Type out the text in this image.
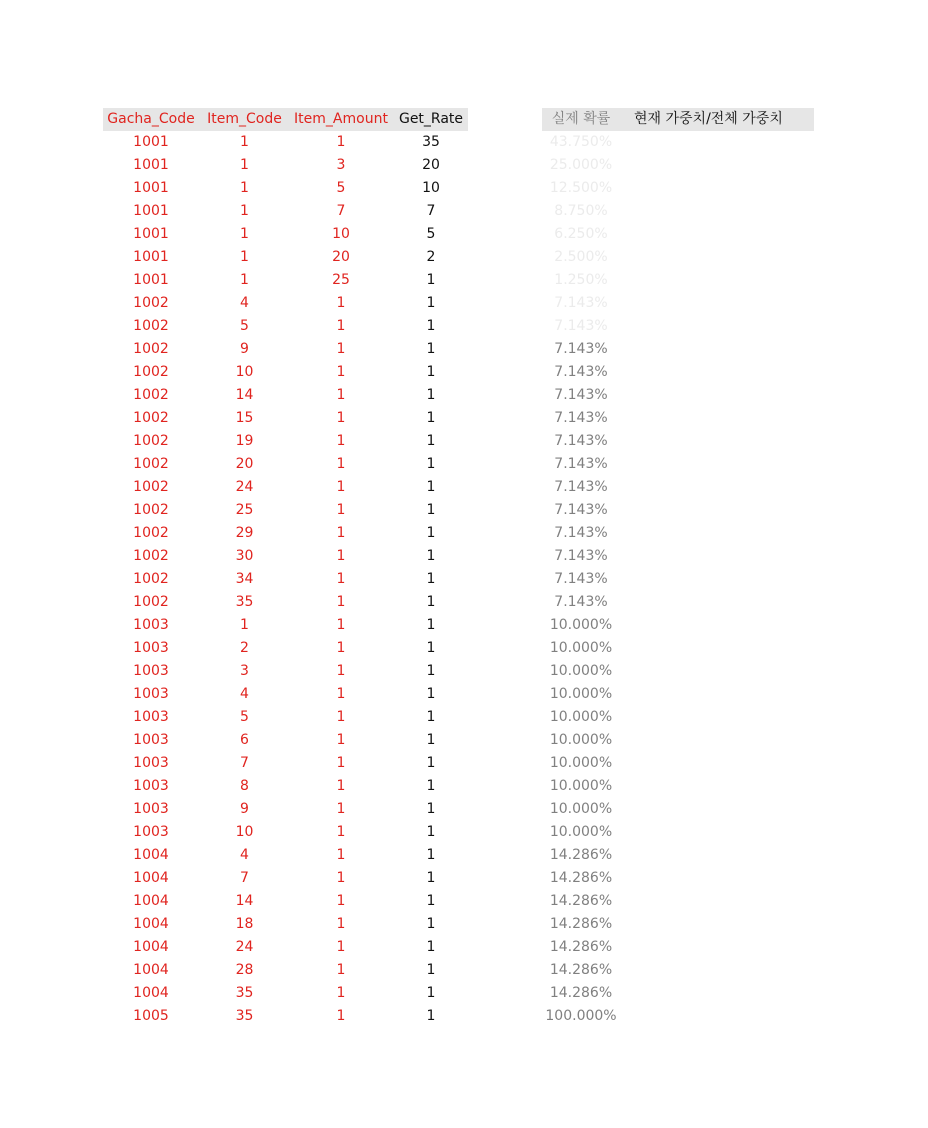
Gacha_Code Item_Code Item_Amount Get_Rate	실제 확률	현재 가중치/전체 가중치
1001	1	1	35	43.750%
1001	1	3	20	25.000%
1001	1	5	10	12.500%
1001	1	7	7	8.750%
1001	1	10	5	6.250%
1001	1	20	2	2.500%
1001	1	25	1	1.250%
1002	4	1	1	7.143%
1002	5	1	1	7.143%
1002	9	1	1	7.143%
1002	10	1	1	7.143%
1002	14	1	1	7.143%
1002	15	1	1	7.143%
1002	19	1	1	7.143%
1002	20	1	1	7.143%
1002	24	1	1	7.143%
1002	25	1	1	7.143%
1002	29	1	1	7.143%
1002	30	1	1	7.143%
1002	34	1	1	7.143%
1002	35	1	1	7.143%
1003	1	1	1	10.000%
1003	2	1	1	10.000%
1003	3	1	1	10.000%
1003	4	1	1	10.000%
1003	5	1	1	10.000%
1003	6	1	1	10.000%
1003	7	1	1	10.000%
1003	8	1	1	10.000%
1003	9	1	1	10.000%
1003	10	1	1	10.000%
1004	4	1	1	14.286%
1004	7	1	1	14.286%
1004	14	1	1	14.286%
1004	18	1	1	14.286%
1004	24	1	1	14.286%
1004	28	1	1	14.286%
1004	35	1	1	14.286%
1005	35	1	1	100.000%
